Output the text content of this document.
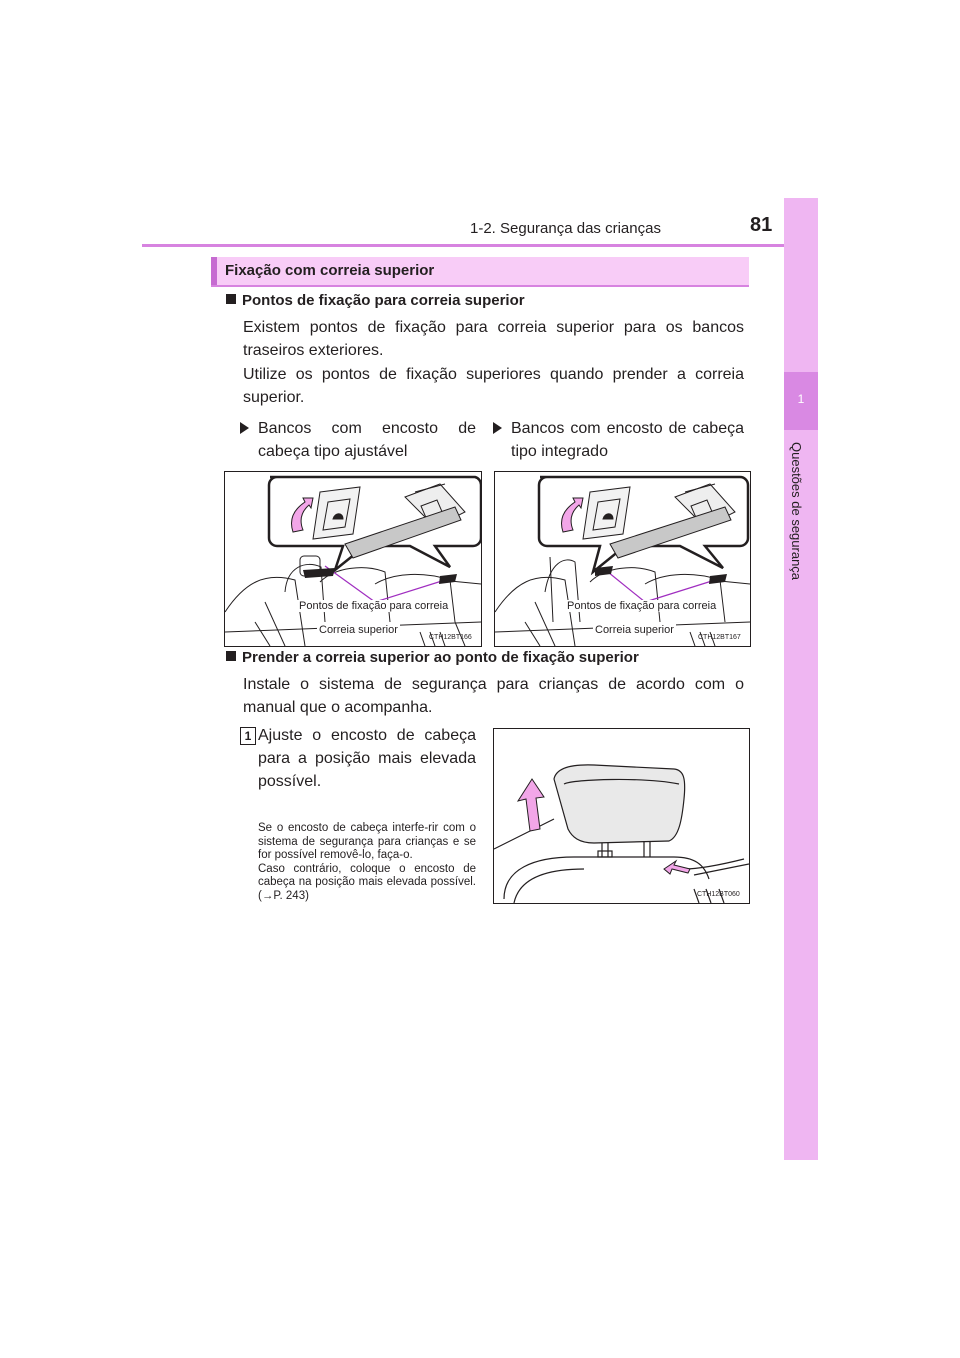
1-2. Segurança das crianças	81
1
Questões de segurança
Fixação com correia superior
Pontos de fixação para correia superior
Existem pontos de fixação para correia superior para os bancos traseiros exteriores.
Utilize os pontos de fixação superiores quando prender a correia superior.
Bancos com encosto de cabeça tipo ajustável
Bancos com encosto de cabeça tipo integrado
Pontos de fixação para correia
Correia superior
CTH12BT166
Pontos de fixação para correia
Correia superior
CTH12BT167
Prender a correia superior ao ponto de fixação superior
Instale o sistema de segurança para crianças de acordo com o manual que o acompanha.
1 Ajuste o encosto de cabeça para a posição mais elevada possível.
Se o encosto de cabeça interfe-rir com o sistema de segurança para crianças e se for possível removê-lo, faça-o.
Caso contrário, coloque o encosto de cabeça na posição mais elevada possível. (→P. 243)	CTH12BT060
